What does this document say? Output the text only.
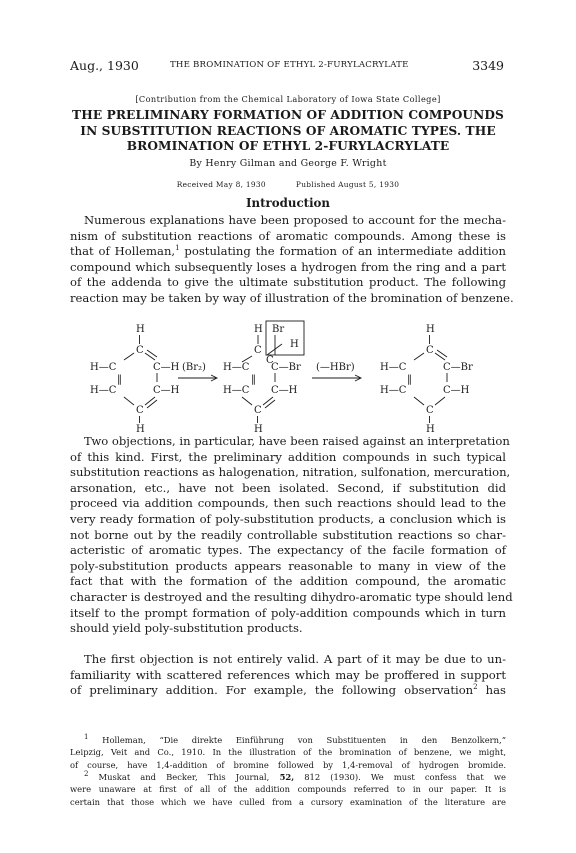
Aug., 1930	THE BROMINATION OF ETHYL 2-FURYLACRYLATE	3349
[Contribution from the Chemical Laboratory of Iowa State College]
THE PRELIMINARY FORMATION OF ADDITION COMPOUNDS
IN SUBSTITUTION REACTIONS OF AROMATIC TYPES. THE
BROMINATION OF ETHYL 2-FURYLACRYLATE
By Henry Gilman and George F. Wright
Received May 8, 1930	Published August 5, 1930
Introduction
Numerous explanations have been proposed to account for the mecha-
nism of substitution reactions of aromatic compounds. Among these is
that of Holleman,$^1$ postulating the formation of an intermediate addition
compound which subsequently loses a hydrogen from the ring and a part
of the addenda to give the ultimate substitution product. The following
reaction may be taken by way of illustration of the bromination of benzene.
H
C
H—C	C—H
‖
H—C	C—H
C
H
(Br₂)
H Br
H
C
C
H—C C—Br
‖
H—C C—H
C
H
(—HBr)
H
C
H—C	C—Br
‖
H—C	C—H
C
H
Two objections, in particular, have been raised against an interpretation
of this kind. First, the preliminary addition compounds in such typical
substitution reactions as halogenation, nitration, sulfonation, mercuration,
arsonation, etc., have not been isolated. Second, if substitution did
proceed via addition compounds, then such reactions should lead to the
very ready formation of poly-substitution products, a conclusion which is
not borne out by the readily controllable substitution reactions so char-
acteristic of aromatic types. The expectancy of the facile formation of
poly-substitution products appears reasonable to many in view of the
fact that with the formation of the addition compound, the aromatic
character is destroyed and the resulting dihydro-aromatic type should lend
itself to the prompt formation of poly-addition compounds which in turn
should yield poly-substitution products.
The first objection is not entirely valid. A part of it may be due to un-
familiarity with scattered references which may be proffered in support
of preliminary addition. For example, the following observation$^2$ has
$^1$ Holleman, “Die direkte Einführung von Substituenten in den Benzolkern,”
Leipzig, Veit and Co., 1910. In the illustration of the bromination of benzene, we might,
of course, have 1,4-addition of bromine followed by 1,4-removal of hydrogen bromide.
$^2$ Muskat and Becker, This Journal, 52, 812 (1930). We must confess that we
were unaware at first of all of the addition compounds referred to in our paper. It is
certain that those which we have culled from a cursory examination of the literature are
